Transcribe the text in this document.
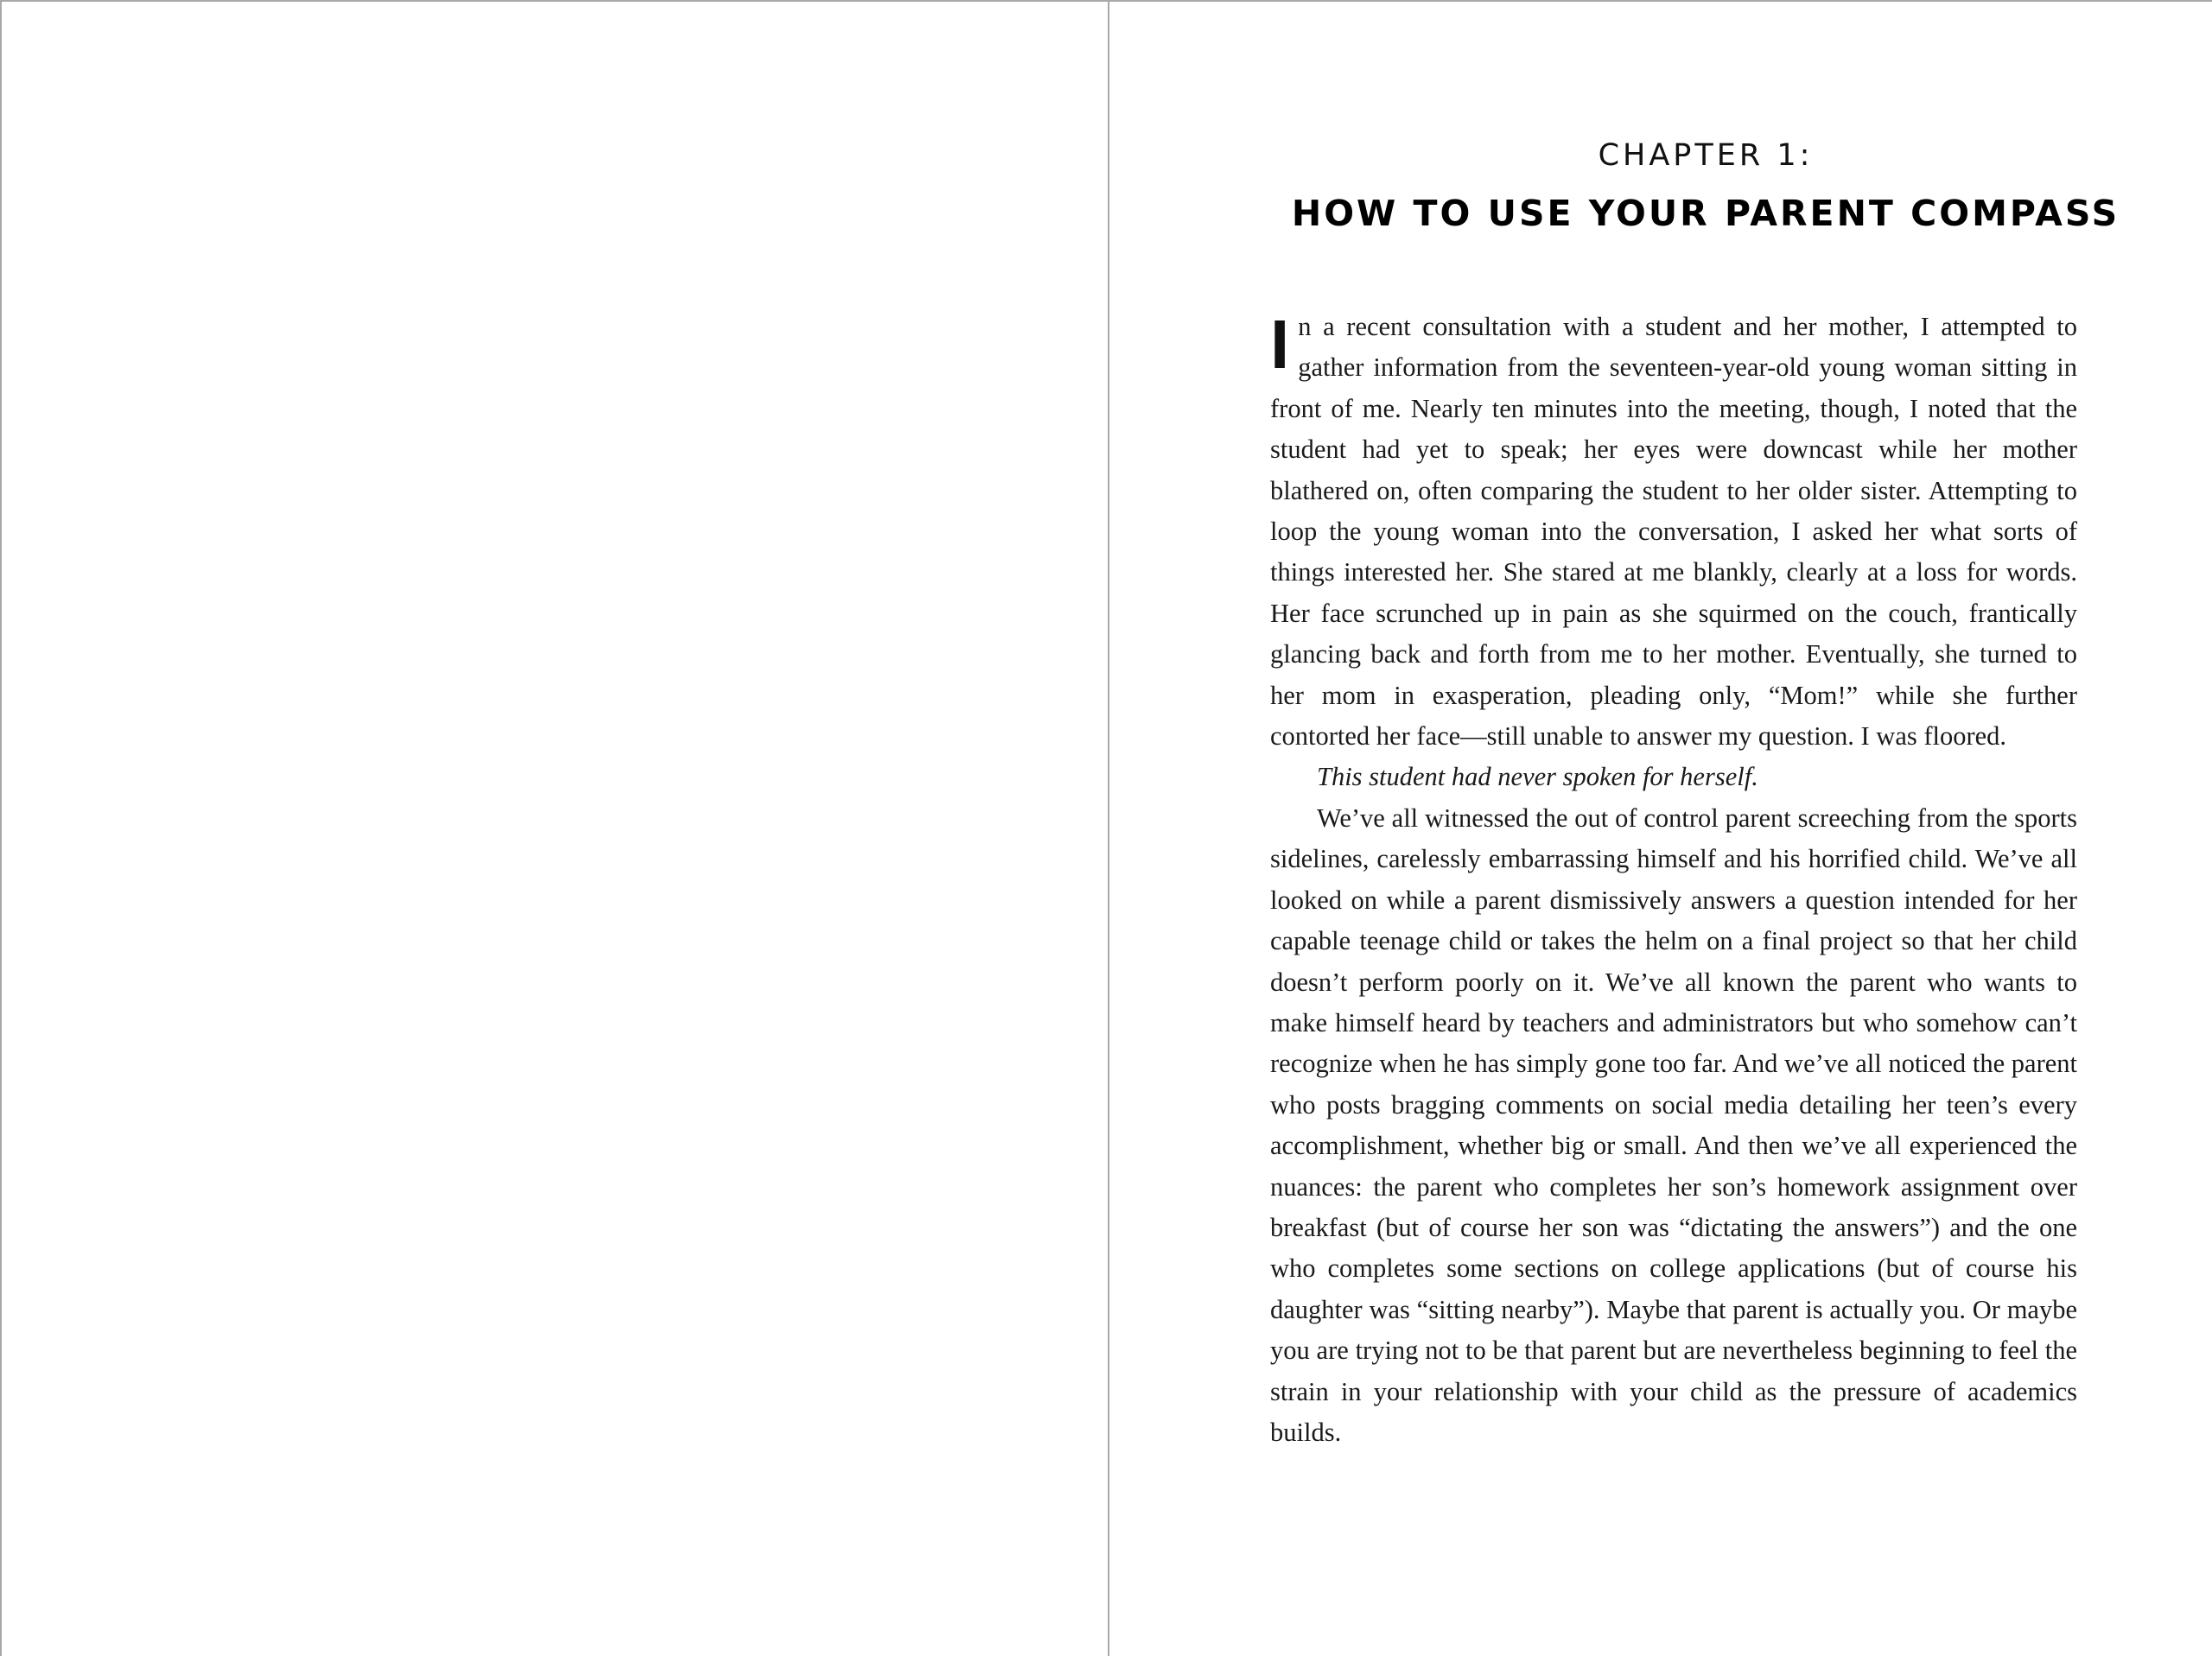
CHAPTER 1:
HOW TO USE YOUR PARENT COMPASS

In a recent consultation with a student and her mother, I attempted to gather information from the seventeen-year-old young woman sitting in front of me. Nearly ten minutes into the meeting, though, I noted that the student had yet to speak; her eyes were downcast while her mother blathered on, often comparing the student to her older sister. Attempting to loop the young woman into the conversation, I asked her what sorts of things interested her. She stared at me blankly, clearly at a loss for words. Her face scrunched up in pain as she squirmed on the couch, frantically glancing back and forth from me to her mother. Eventually, she turned to her mom in exasperation, pleading only, “Mom!” while she further contorted her face—still unable to answer my question. I was floored.

This student had never spoken for herself.

We’ve all witnessed the out of control parent screeching from the sports sidelines, carelessly embarrassing himself and his horrified child. We’ve all looked on while a parent dismissively answers a question intended for her capable teenage child or takes the helm on a final project so that her child doesn’t perform poorly on it. We’ve all known the parent who wants to make himself heard by teachers and administrators but who somehow can’t recognize when he has simply gone too far. And we’ve all noticed the parent who posts bragging comments on social media detailing her teen’s every accomplishment, whether big or small. And then we’ve all experienced the nuances: the parent who completes her son’s homework assignment over breakfast (but of course her son was “dictating the answers”) and the one who completes some sections on college applications (but of course his daughter was “sitting nearby”). Maybe that parent is actually you. Or maybe you are trying not to be that parent but are nevertheless beginning to feel the strain in your relationship with your child as the pressure of academics builds.
